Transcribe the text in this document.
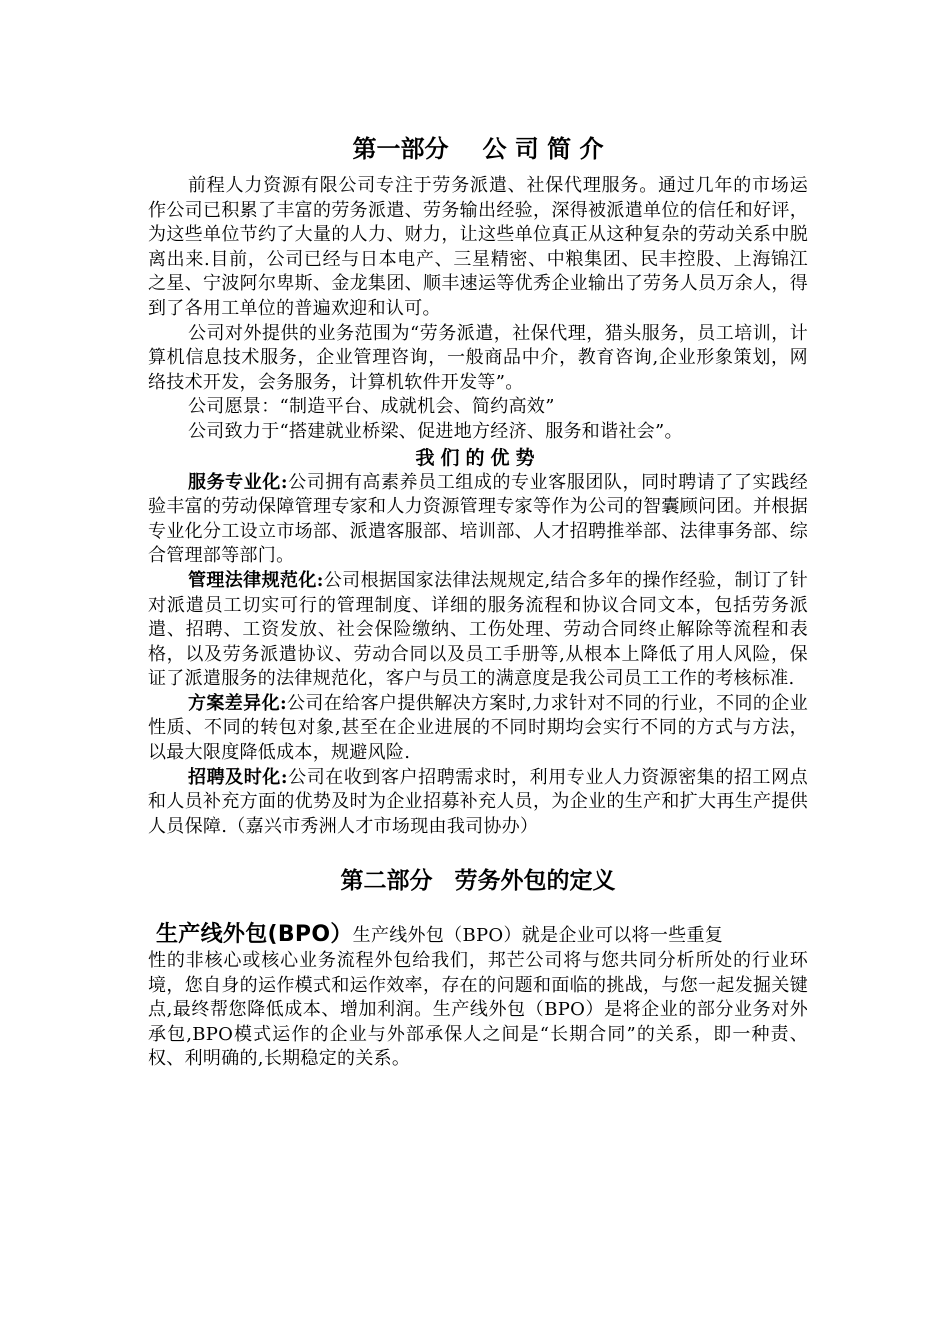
第一部分 公 司 简 介

前程人力资源有限公司专注于劳务派遣、社保代理服务。通过几年的市场运作公司已积累了丰富的劳务派遣、劳务输出经验，深得被派遣单位的信任和好评，为这些单位节约了大量的人力、财力，让这些单位真正从这种复杂的劳动关系中脱离出来.目前，公司已经与日本电产、三星精密、中粮集团、民丰控股、上海锦江之星、宁波阿尔卑斯、金龙集团、顺丰速运等优秀企业输出了劳务人员万余人，得到了各用工单位的普遍欢迎和认可。

公司对外提供的业务范围为“劳务派遣，社保代理，猎头服务，员工培训，计算机信息技术服务，企业管理咨询，一般商品中介，教育咨询,企业形象策划，网络技术开发，会务服务，计算机软件开发等”。

公司愿景：“制造平台、成就机会、简约高效”

公司致力于“搭建就业桥梁、促进地方经济、服务和谐社会”。

我们的优势

服务专业化:公司拥有高素养员工组成的专业客服团队，同时聘请了了实践经验丰富的劳动保障管理专家和人力资源管理专家等作为公司的智囊顾问团。并根据专业化分工设立市场部、派遣客服部、培训部、人才招聘推举部、法律事务部、综合管理部等部门。

管理法律规范化:公司根据国家法律法规规定,结合多年的操作经验，制订了针对派遣员工切实可行的管理制度、详细的服务流程和协议合同文本，包括劳务派遣、招聘、工资发放、社会保险缴纳、工伤处理、劳动合同终止解除等流程和表格，以及劳务派遣协议、劳动合同以及员工手册等,从根本上降低了用人风险，保证了派遣服务的法律规范化，客户与员工的满意度是我公司员工工作的考核标准.

方案差异化:公司在给客户提供解决方案时,力求针对不同的行业，不同的企业性质、不同的转包对象,甚至在企业进展的不同时期均会实行不同的方式与方法，以最大限度降低成本，规避风险.

招聘及时化:公司在收到客户招聘需求时，利用专业人力资源密集的招工网点和人员补充方面的优势及时为企业招募补充人员，为企业的生产和扩大再生产提供人员保障.（嘉兴市秀洲人才市场现由我司协办）

第二部分 劳务外包的定义
生产线外包(BPO）生产线外包（BPO）就是企业可以将一些重复
性的非核心或核心业务流程外包给我们，邦芒公司将与您共同分析所处的行业环境，您自身的运作模式和运作效率，存在的问题和面临的挑战，与您一起发掘关键点,最终帮您降低成本、增加利润。生产线外包（BPO）是将企业的部分业务对外承包,BPO模式运作的企业与外部承保人之间是“长期合同”的关系，即一种责、权、利明确的,长期稳定的关系。
